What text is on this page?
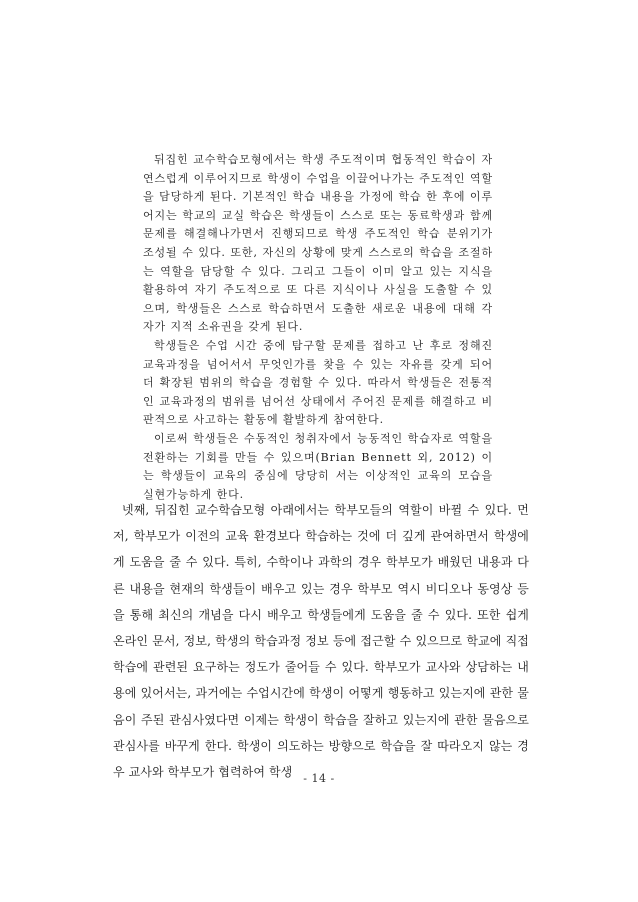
뒤집힌 교수학습모형에서는 학생 주도적이며 협동적인 학습이 자연스럽게 이루어지므로 학생이 수업을 이끌어나가는 주도적인 역할을 담당하게 된다. 기본적인 학습 내용을 가정에 학습 한 후에 이루어지는 학교의 교실 학습은 학생들이 스스로 또는 동료학생과 함께 문제를 해결해나가면서 진행되므로 학생 주도적인 학습 분위기가 조성될 수 있다. 또한, 자신의 상황에 맞게 스스로의 학습을 조절하는 역할을 담당할 수 있다. 그리고 그들이 이미 알고 있는 지식을 활용하여 자기 주도적으로 또 다른 지식이나 사실을 도출할 수 있으며, 학생들은 스스로 학습하면서 도출한 새로운 내용에 대해 각자가 지적 소유권을 갖게 된다.

학생들은 수업 시간 중에 탐구할 문제를 접하고 난 후로 정해진 교육과정을 넘어서서 무엇인가를 찾을 수 있는 자유를 갖게 되어 더 확장된 범위의 학습을 경험할 수 있다. 따라서 학생들은 전통적인 교육과정의 범위를 넘어선 상태에서 주어진 문제를 해결하고 비판적으로 사고하는 활동에 활발하게 참여한다.

이로써 학생들은 수동적인 청취자에서 능동적인 학습자로 역할을 전환하는 기회를 만들 수 있으며(Brian Bennett 외, 2012) 이는 학생들이 교육의 중심에 당당히 서는 이상적인 교육의 모습을 실현가능하게 한다.

넷째, 뒤집힌 교수학습모형 아래에서는 학부모들의 역할이 바뀔 수 있다. 먼저, 학부모가 이전의 교육 환경보다 학습하는 것에 더 깊게 관여하면서 학생에게 도움을 줄 수 있다. 특히, 수학이나 과학의 경우 학부모가 배웠던 내용과 다른 내용을 현재의 학생들이 배우고 있는 경우 학부모 역시 비디오나 동영상 등을 통해 최신의 개념을 다시 배우고 학생들에게 도움을 줄 수 있다. 또한 쉽게 온라인 문서, 정보, 학생의 학습과정 정보 등에 접근할 수 있으므로 학교에 직접 학습에 관련된 요구하는 정도가 줄어들 수 있다. 학부모가 교사와 상담하는 내용에 있어서는, 과거에는 수업시간에 학생이 어떻게 행동하고 있는지에 관한 물음이 주된 관심사였다면 이제는 학생이 학습을 잘하고 있는지에 관한 물음으로 관심사를 바꾸게 한다. 학생이 의도하는 방향으로 학습을 잘 따라오지 않는 경우 교사와 학부모가 협력하여 학생 - 14 -
